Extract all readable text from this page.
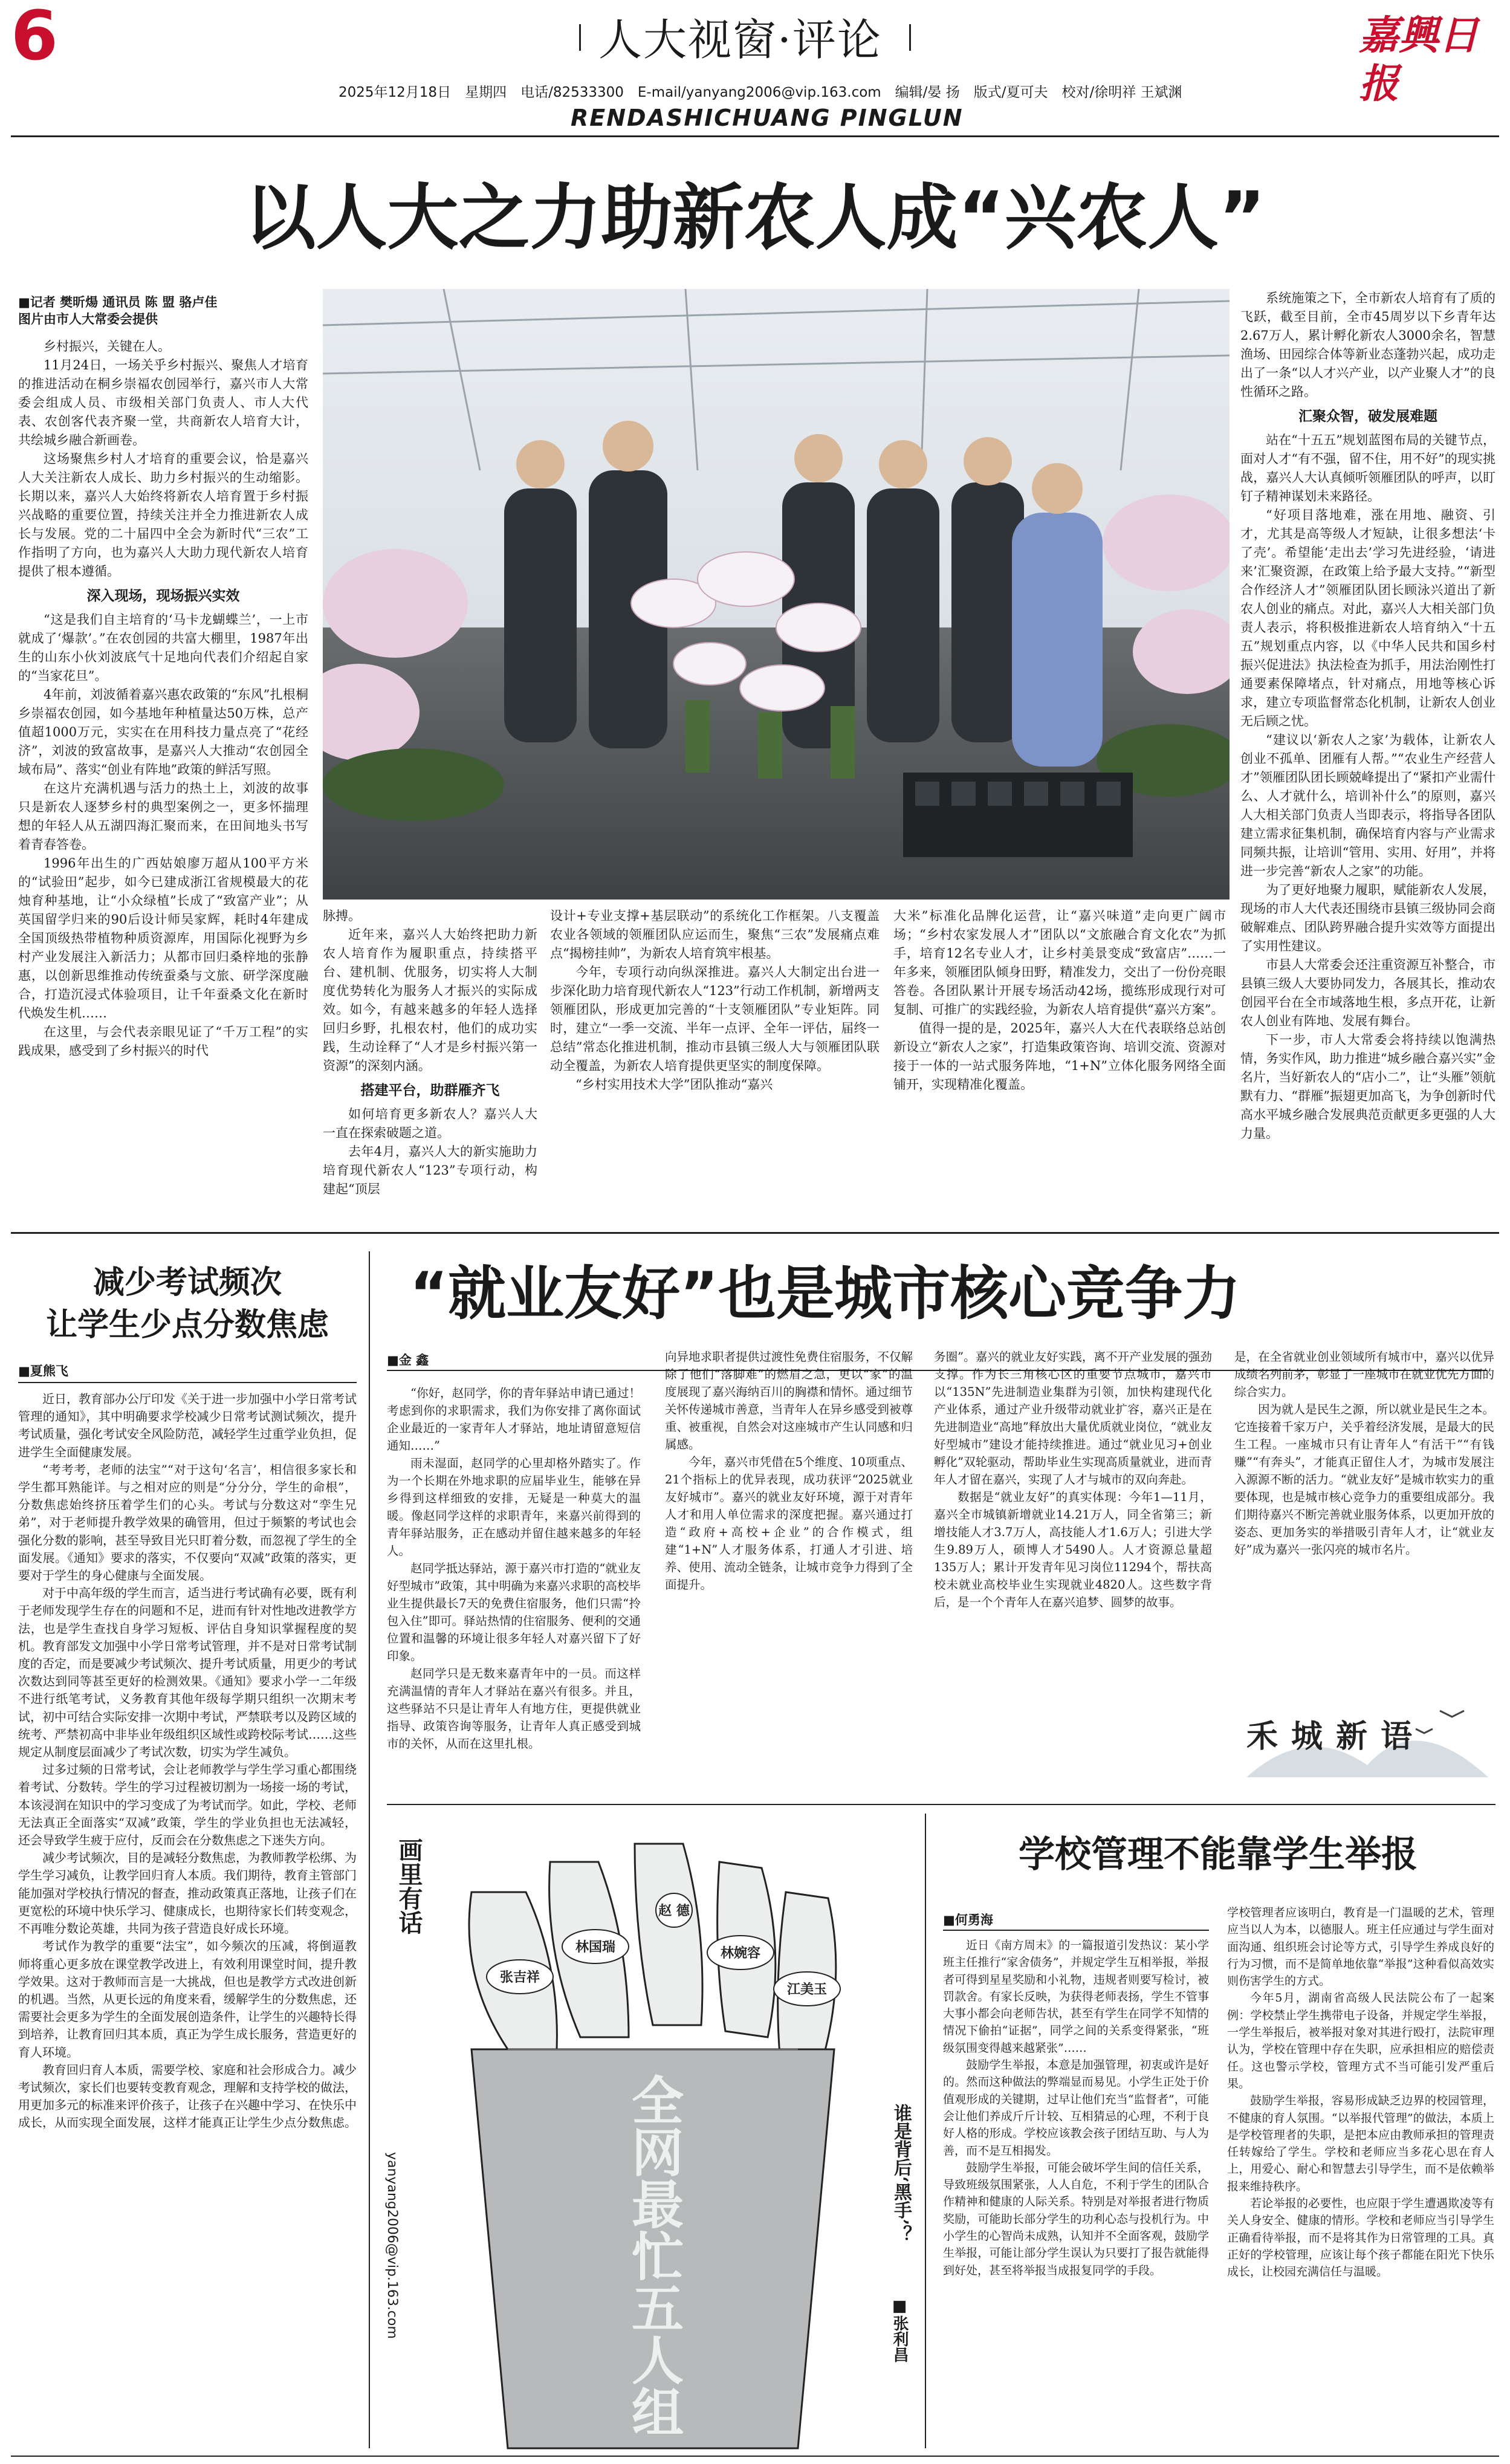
6	人大视窗·评论	嘉興日报
2025年12月18日　星期四　电话/82533300　E-mail/yanyang2006@vip.163.com　编辑/晏 扬　版式/夏可夫　校对/徐明祥 王斌渊
RENDASHICHUANG PINGLUN
以人大之力助新农人成“兴农人”
■记者 樊昕煬 通讯员 陈 盟 骆卢佳
图片由市人大常委会提供

乡村振兴，关键在人。

11月24日，一场关乎乡村振兴、聚焦人才培育的推进活动在桐乡崇福农创园举行，嘉兴市人大常委会组成人员、市级相关部门负责人、市人大代表、农创客代表齐聚一堂，共商新农人培育大计，共绘城乡融合新画卷。

这场聚焦乡村人才培育的重要会议，恰是嘉兴人大关注新农人成长、助力乡村振兴的生动缩影。长期以来，嘉兴人大始终将新农人培育置于乡村振兴战略的重要位置，持续关注并全力推进新农人成长与发展。党的二十届四中全会为新时代“三农”工作指明了方向，也为嘉兴人大助力现代新农人培育提供了根本遵循。

深入现场，现场振兴实效

“这是我们自主培育的‘马卡龙蝴蝶兰’，一上市就成了‘爆款’。”在农创园的共富大棚里，1987年出生的山东小伙刘波底气十足地向代表们介绍起自家的“当家花旦”。

4年前，刘波循着嘉兴惠农政策的“东风”扎根桐乡崇福农创园，如今基地年种植量达50万株，总产值超1000万元，实实在在用科技力量点亮了“花经济”，刘波的致富故事，是嘉兴人大推动“农创园全域布局”、落实“创业有阵地”政策的鲜活写照。

在这片充满机遇与活力的热土上，刘波的故事只是新农人逐梦乡村的典型案例之一，更多怀揣理想的年轻人从五湖四海汇聚而来，在田间地头书写着青春答卷。

1996年出生的广西姑娘廖万超从100平方米的“试验田”起步，如今已建成浙江省规模最大的花烛育种基地，让“小众绿植”长成了“致富产业”；从英国留学归来的90后设计师吴家辉，耗时4年建成全国顶级热带植物种质资源库，用国际化视野为乡村产业发展注入新活力；从都市回归桑梓地的张静惠，以创新思维推动传统蚕桑与文旅、研学深度融合，打造沉浸式体验项目，让千年蚕桑文化在新时代焕发生机……

在这里，与会代表亲眼见证了“千万工程”的实践成果，感受到了乡村振兴的时代

脉搏。

近年来，嘉兴人大始终把助力新农人培育作为履职重点，持续搭平台、建机制、优服务，切实将人大制度优势转化为服务人才振兴的实际成效。如今，有越来越多的年轻人选择回归乡野，扎根农村，他们的成功实践，生动诠释了“人才是乡村振兴第一资源”的深刻内涵。

搭建平台，助群雁齐飞

如何培育更多新农人？嘉兴人大一直在探索破题之道。

去年4月，嘉兴人大的新实施助力培育现代新农人“123”专项行动，构建起“顶层

设计+专业支撑+基层联动”的系统化工作框架。八支覆盖农业各领域的领雁团队应运而生，聚焦“三农”发展痛点难点“揭榜挂帅”，为新农人培育筑牢根基。

今年，专项行动向纵深推进。嘉兴人大制定出台进一步深化助力培育现代新农人“123”行动工作机制，新增两支领雁团队，形成更加完善的“十支领雁团队”专业矩阵。同时，建立“一季一交流、半年一点评、全年一评估，届终一总结”常态化推进机制，推动市县镇三级人大与领雁团队联动全覆盖，为新农人培育提供更坚实的制度保障。

“乡村实用技术大学”团队推动“嘉兴

大米”标准化品牌化运营，让“嘉兴味道”走向更广阔市场；“乡村农家发展人才”团队以“文旅融合育文化农”为抓手，培育12名专业人才，让乡村美景变成“致富店”……一年多来，领雁团队倾身田野，精准发力，交出了一份份亮眼答卷。各团队累计开展专场活动42场，揽练形成现行对可复制、可推广的实践经验，为新农人培育提供“嘉兴方案”。

值得一提的是，2025年，嘉兴人大在代表联络总站创新设立“新农人之家”，打造集政策咨询、培训交流、资源对接于一体的一站式服务阵地，“1+N”立体化服务网络全面铺开，实现精准化覆盖。

系统施策之下，全市新农人培育有了质的飞跃，截至目前，全市45周岁以下乡青年达2.67万人，累计孵化新农人3000余名，智慧渔场、田园综合体等新业态蓬勃兴起，成功走出了一条“以人才兴产业，以产业聚人才”的良性循环之路。

汇聚众智，破发展难题

站在“十五五”规划蓝图布局的关键节点，面对人才“有不强，留不住，用不好”的现实挑战，嘉兴人大认真倾听领雁团队的呼声，以盯钉子精神谋划未来路径。

“好项目落地难，涨在用地、融资、引才，尤其是高等级人才短缺，让很多想法‘卡了壳’。希望能‘走出去’学习先进经验，‘请进来’汇聚资源，在政策上给予最大支持。”“新型合作经济人才”领雁团队团长顾泳兴道出了新农人创业的痛点。对此，嘉兴人大相关部门负责人表示，将积极推进新农人培育纳入“十五五”规划重点内容，以《中华人民共和国乡村振兴促进法》执法检查为抓手，用法治刚性打通要素保障堵点，针对痛点，用地等核心诉求，建立专项监督常态化机制，让新农人创业无后顾之忧。

“建议以‘新农人之家’为载体，让新农人创业不孤单、团雁有人帮。”“农业生产经营人才”领雁团队团长顾兢峰提出了“紧扣产业需什么、人才就什么，培训补什么”的原则，嘉兴人大相关部门负责人当即表示，将指导各团队建立需求征集机制，确保培育内容与产业需求同频共振，让培训“管用、实用、好用”，并将进一步完善“新农人之家”的功能。

为了更好地聚力履职，赋能新农人发展，现场的市人大代表还围绕市县镇三级协同会商破解难点、团队跨界融合提升实效等方面提出了实用性建议。

市县人大常委会还注重资源互补整合，市县镇三级人大要协同发力，各展其长，推动农创园平台在全市域落地生根，多点开花，让新农人创业有阵地、发展有舞台。

下一步，市人大常委会将持续以饱满热情，务实作风，助力推进“城乡融合嘉兴实”金名片，当好新农人的“店小二”，让“头雁”领航默有力、“群雁”振翅更加高飞，为争创新时代高水平城乡融合发展典范贡献更多更强的人大力量。

减少考试频次
让学生少点分数焦虑
■夏熊飞

近日，教育部办公厅印发《关于进一步加强中小学日常考试管理的通知》，其中明确要求学校减少日常考试测试频次，提升考试质量，强化考试安全风险防范，减轻学生过重学业负担，促进学生全面健康发展。

“考考考，老师的法宝”“对于这句‘名言’，相信很多家长和学生都耳熟能详。与之相对应的则是“分分分，学生的命根”，分数焦虑始终挤压着学生们的心头。考试与分数这对“孪生兄弟”，对于老师提升教学效果的确管用，但过于频繁的考试也会强化分数的影响，甚至导致目光只盯着分数，而忽视了学生的全面发展。《通知》要求的落实，不仅要向“双减”政策的落实，更要对于学生的身心健康与全面发展。

对于中高年级的学生而言，适当进行考试确有必要，既有利于老师发现学生存在的问题和不足，进而有针对性地改进教学方法，也是学生查找自身学习短板、评估自身知识掌握程度的契机。教育部发文加强中小学日常考试管理，并不是对日常考试制度的否定，而是要减少考试频次、提升考试质量，用更少的考试次数达到同等甚至更好的检测效果。《通知》要求小学一二年级不进行纸笔考试，义务教育其他年级每学期只组织一次期末考试，初中可结合实际安排一次期中考试，严禁联考以及跨区域的统考、严禁初高中非毕业年级组织区域性或跨校际考试……这些规定从制度层面减少了考试次数，切实为学生减负。

过多过频的日常考试，会让老师教学与学生学习重心都围绕着考试、分数转。学生的学习过程被切割为一场接一场的考试，本该浸润在知识中的学习变成了为考试而学。如此，学校、老师无法真正全面落实“双减”政策，学生的学业负担也无法减轻，还会导致学生疲于应付，反而会在分数焦虑之下迷失方向。

减少考试频次，目的是减轻分数焦虑，为教师教学松绑、为学生学习减负，让教学回归育人本质。我们期待，教育主管部门能加强对学校执行情况的督查，推动政策真正落地，让孩子们在更宽松的环境中快乐学习、健康成长，也期待家长们转变观念，不再唯分数论英雄，共同为孩子营造良好成长环境。

考试作为教学的重要“法宝”，如今频次的压减，将倒逼教师将重心更多放在课堂教学改进上，有效利用课堂时间，提升教学效果。这对于教师而言是一大挑战，但也是教学方式改进创新的机遇。当然，从更长远的角度来看，缓解学生的分数焦虑，还需要社会更多为学生的全面发展创造条件，让学生的兴趣特长得到培养，让教育回归其本质，真正为学生成长服务，营造更好的育人环境。

教育回归育人本质，需要学校、家庭和社会形成合力。减少考试频次，家长们也要转变教育观念，理解和支持学校的做法，用更加多元的标准来评价孩子，让孩子在兴趣中学习、在快乐中成长，从而实现全面发展，这样才能真正让学生少点分数焦虑。

“就业友好”也是城市核心竞争力
■金 鑫

“你好，赵同学，你的青年驿站申请已通过！考虑到你的求职需求，我们为你安排了离你面试企业最近的一家青年人才驿站，地址请留意短信通知……”

雨未湿面，赵同学的心里却格外踏实了。作为一个长期在外地求职的应届毕业生，能够在异乡得到这样细致的安排，无疑是一种莫大的温暖。像赵同学这样的求职青年，来嘉兴前得到的青年驿站服务，正在感动并留住越来越多的年轻人。

赵同学抵达驿站，源于嘉兴市打造的“就业友好型城市”政策，其中明确为来嘉兴求职的高校毕业生提供最长7天的免费住宿服务，他们只需“拎包入住”即可。驿站热情的住宿服务、便利的交通位置和温馨的环境让很多年轻人对嘉兴留下了好印象。

赵同学只是无数来嘉青年中的一员。而这样充满温情的青年人才驿站在嘉兴有很多。并且，这些驿站不只是让青年人有地方住，更提供就业指导、政策咨询等服务，让青年人真正感受到城市的关怀，从而在这里扎根。

向异地求职者提供过渡性免费住宿服务，不仅解除了他们“落脚难”的燃眉之急，更以“家”的温度展现了嘉兴海纳百川的胸襟和情怀。通过细节关怀传递城市善意，当青年人在异乡感受到被尊重、被重视，自然会对这座城市产生认同感和归属感。

今年，嘉兴市凭借在5个维度、10项重点、21个指标上的优异表现，成功获评“2025就业友好城市”。嘉兴的就业友好环境，源于对青年人才和用人单位需求的深度把握。嘉兴通过打造“政府+高校+企业”的合作模式，组建“1+N”人才服务体系，打通人才引进、培养、使用、流动全链条，让城市竞争力得到了全面提升。

务圈”。嘉兴的就业友好实践，离不开产业发展的强劲支撑。作为长三角核心区的重要节点城市，嘉兴市以“135N”先进制造业集群为引领，加快构建现代化产业体系，通过产业升级带动就业扩容，嘉兴正是在先进制造业“高地”释放出大量优质就业岗位，“就业友好型城市”建设才能持续推进。通过“就业见习+创业孵化”双轮驱动，帮助毕业生实现高质量就业，进而青年人才留在嘉兴，实现了人才与城市的双向奔赴。

数据是“就业友好”的真实体现：今年1—11月，嘉兴全市城镇新增就业14.21万人，同全省第三；新增技能人才3.7万人，高技能人才1.6万人；引进大学生9.89万人，硕博人才5490人。人才资源总量超135万人；累计开发青年见习岗位11294个，帮扶高校未就业高校毕业生实现就业4820人。这些数字背后，是一个个青年人在嘉兴追梦、圆梦的故事。

是，在全省就业创业领域所有城市中，嘉兴以优异成绩名列前茅，彰显了一座城市在就业优先方面的综合实力。

因为就人是民生之源，所以就业是民生之本。它连接着千家万户，关乎着经济发展，是最大的民生工程。一座城市只有让青年人“有活干”“有钱赚”“有奔头”，才能真正留住人才，为城市发展注入源源不断的活力。“就业友好”是城市软实力的重要体现，也是城市核心竞争力的重要组成部分。我们期待嘉兴不断完善就业服务体系，以更加开放的姿态、更加务实的举措吸引青年人才，让“就业友好”成为嘉兴一张闪亮的城市名片。

禾城新语
画里有话
yanyang2006@vip.163.com
张吉祥
林国瑞
赵 德
林婉容
江美玉
全网最忙五人组	谁是背后‘黑手’？
■张利昌
学校管理不能靠学生举报
■何勇海

近日《南方周末》的一篇报道引发热议：某小学班主任推行“家舍债务”，并规定学生互相举报，举报者可得到星星奖励和小礼物，违规者则要写检讨，被罚款舍。有家长反映，为获得老师表扬，学生不管事大事小都会向老师告状，甚至有学生在同学不知情的情况下偷拍“证据”，同学之间的关系变得紧张，“班级氛围变得越来越紧张”……

鼓励学生举报，本意是加强管理，初衷或许是好的。然而这种做法的弊端显而易见。小学生正处于价值观形成的关键期，过早让他们充当“监督者”，可能会让他们养成斤斤计较、互相猜忌的心理，不利于良好人格的形成。学校应该教会孩子团结互助、与人为善，而不是互相揭发。

鼓励学生举报，可能会破坏学生间的信任关系，导致班级氛围紧张，人人自危，不利于学生的团队合作精神和健康的人际关系。特别是对举报者进行物质奖励，可能助长部分学生的功利心态与投机行为。中小学生的心智尚未成熟，认知并不全面客观，鼓励学生举报，可能让部分学生误认为只要打了报告就能得到好处，甚至将举报当成报复同学的手段。

学校管理者应该明白，教育是一门温暖的艺术，管理应当以人为本，以德服人。班主任应通过与学生面对面沟通、组织班会讨论等方式，引导学生养成良好的行为习惯，而不是简单地依靠“举报”这种看似高效实则伤害学生的方式。

今年5月，湖南省高级人民法院公布了一起案例：学校禁止学生携带电子设备，并规定学生举报，一学生举报后，被举报对象对其进行殴打，法院审理认为，学校在管理中存在失职，应承担相应的赔偿责任。这也警示学校，管理方式不当可能引发严重后果。

鼓励学生举报，容易形成缺乏边界的校园管理，不健康的育人氛围。“以举报代管理”的做法，本质上是学校管理者的失职，是把本应由教师承担的管理责任转嫁给了学生。学校和老师应当多花心思在育人上，用爱心、耐心和智慧去引导学生，而不是依赖举报来维持秩序。

若论举报的必要性，也应限于学生遭遇欺凌等有关人身安全、健康的情形。学校和老师应当引导学生正确看待举报，而不是将其作为日常管理的工具。真正好的学校管理，应该让每个孩子都能在阳光下快乐成长，让校园充满信任与温暖。
